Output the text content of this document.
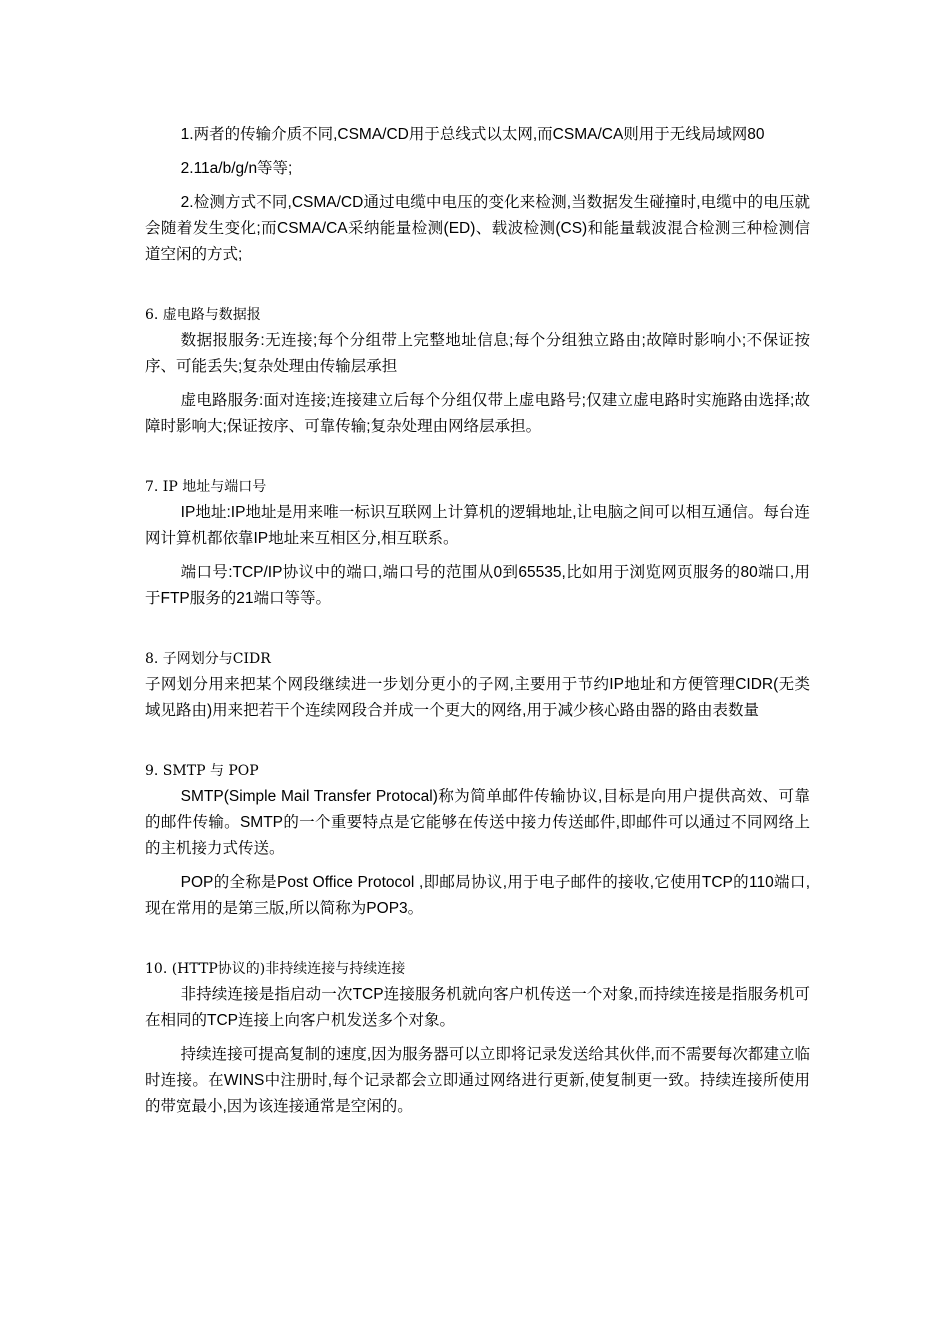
1.两者的传输介质不同,CSMA/CD用于总线式以太网,而CSMA/CA则用于无线局域网80

2.11a/b/g/n等等;

2.检测方式不同,CSMA/CD通过电缆中电压的变化来检测,当数据发生碰撞时,电缆中的电压就会随着发生变化;而CSMA/CA采纳能量检测(ED)、载波检测(CS)和能量载波混合检测三种检测信道空闲的方式;

6. 虚电路与数据报

数据报服务:无连接;每个分组带上完整地址信息;每个分组独立路由;故障时影响小;不保证按序、可能丢失;复杂处理由传输层承担

虚电路服务:面对连接;连接建立后每个分组仅带上虚电路号;仅建立虚电路时实施路由选择;故障时影响大;保证按序、可靠传输;复杂处理由网络层承担。

7. IP 地址与端口号

IP地址:IP地址是用来唯一标识互联网上计算机的逻辑地址,让电脑之间可以相互通信。每台连网计算机都依靠IP地址来互相区分,相互联系。

端口号:TCP/IP协议中的端口,端口号的范围从0到65535,比如用于浏览网页服务的80端口,用于FTP服务的21端口等等。

8. 子网划分与CIDR

子网划分用来把某个网段继续进一步划分更小的子网,主要用于节约IP地址和方便管理CIDR(无类域见路由)用来把若干个连续网段合并成一个更大的网络,用于减少核心路由器的路由表数量

9. SMTP 与 POP

SMTP(Simple Mail Transfer Protocal)称为简单邮件传输协议,目标是向用户提供高效、可靠的邮件传输。SMTP的一个重要特点是它能够在传送中接力传送邮件,即邮件可以通过不同网络上的主机接力式传送。

POP的全称是Post Office Protocol ,即邮局协议,用于电子邮件的接收,它使用TCP的110端口,现在常用的是第三版,所以简称为POP3。

10. (HTTP协议的)非持续连接与持续连接

非持续连接是指启动一次TCP连接服务机就向客户机传送一个对象,而持续连接是指服务机可在相同的TCP连接上向客户机发送多个对象。

持续连接可提高复制的速度,因为服务器可以立即将记录发送给其伙伴,而不需要每次都建立临时连接。在WINS中注册时,每个记录都会立即通过网络进行更新,使复制更一致。持续连接所使用的带宽最小,因为该连接通常是空闲的。
